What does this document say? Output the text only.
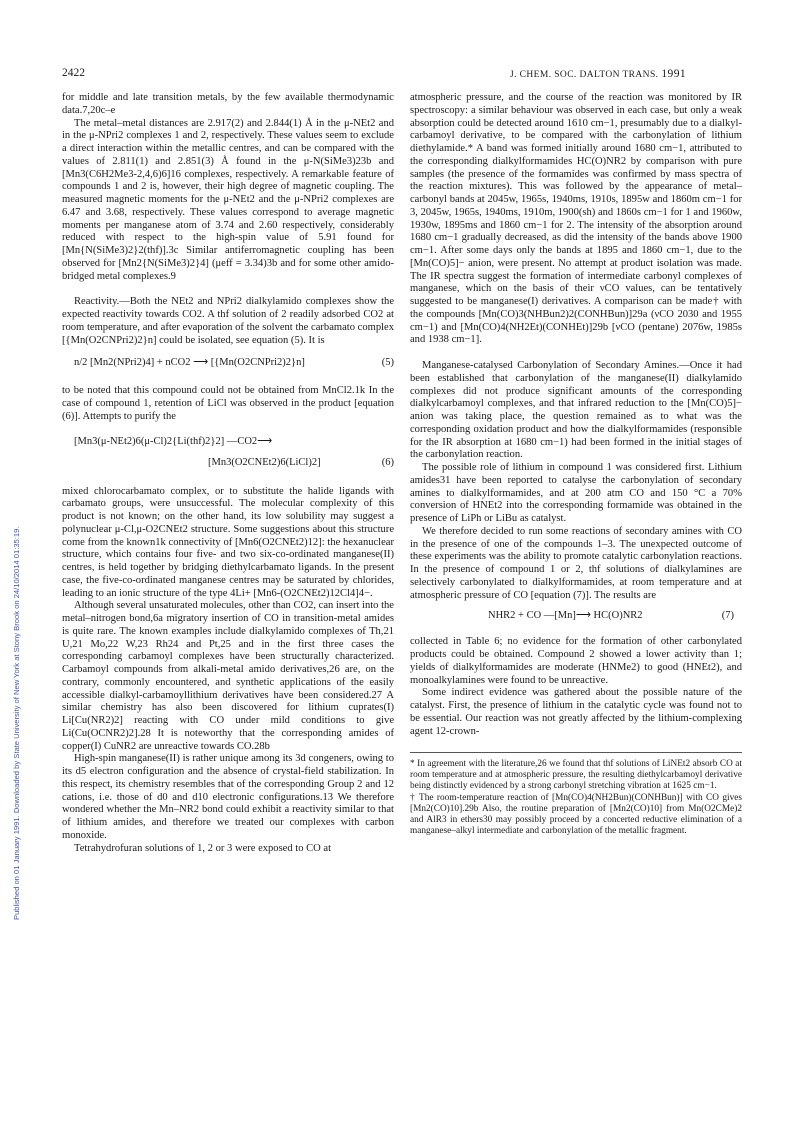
Published on 01 January 1991. Downloaded by State University of New York at Stony Brook on 24/10/2014 01:35:19.
2422	J. CHEM. SOC. DALTON TRANS. 1991

for middle and late transition metals, by the few available thermodynamic data.7,20c–e

The metal–metal distances are 2.917(2) and 2.844(1) Å in the μ-NEt2 and in the μ-NPri2 complexes 1 and 2, respectively. These values seem to exclude a direct interaction within the metallic centres, and can be compared with the values of 2.811(1) and 2.851(3) Å found in the μ-N(SiMe3)23b and [Mn3(C6H2Me3-2,4,6)6]16 complexes, respectively. A remarkable feature of compounds 1 and 2 is, however, their high degree of magnetic coupling. The measured magnetic moments for the μ-NEt2 and the μ-NPri2 complexes are 6.47 and 3.68, respectively. These values correspond to average magnetic moments per manganese atom of 3.74 and 2.60 respectively, considerably reduced with respect to the high-spin value of 5.91 found for [Mn{N(SiMe3)2}2(thf)].3c Similar antiferromagnetic coupling has been observed for [Mn2{N(SiMe3)2}4] (μeff = 3.34)3b and for some other amido-bridged metal complexes.9

Reactivity.—Both the NEt2 and NPri2 dialkylamido complexes show the expected reactivity towards CO2. A thf solution of 2 readily adsorbed CO2 at room temperature, and after evaporation of the solvent the carbamato complex [{Mn(O2CNPri2)2}n] could be isolated, see equation (5). It is

n/2 [Mn2(NPri2)4] + nCO2 ⟶ [{Mn(O2CNPri2)2}n]	(5)

to be noted that this compound could not be obtained from MnCl2.1k In the case of compound 1, retention of LiCl was observed in the product [equation (6)]. Attempts to purify the

[Mn3(μ-NEt2)6(μ-Cl)2{Li(thf)2}2] —CO2⟶
[Mn3(O2CNEt2)6(LiCl)2]	(6)

mixed chlorocarbamato complex, or to substitute the halide ligands with carbamato groups, were unsuccessful. The molecular complexity of this product is not known; on the other hand, its low solubility may suggest a polynuclear μ-Cl,μ-O2CNEt2 structure. Some suggestions about this structure come from the known1k connectivity of [Mn6(O2CNEt2)12]: the hexanuclear structure, which contains four five- and two six-co-ordinated manganese(II) centres, is held together by bridging diethylcarbamato ligands. In the present case, the five-co-ordinated manganese centres may be saturated by chlorides, leading to an ionic structure of the type 4Li+ [Mn6-(O2CNEt2)12Cl4]4−.

Although several unsaturated molecules, other than CO2, can insert into the metal–nitrogen bond,6a migratory insertion of CO in transition-metal amides is quite rare. The known examples include dialkylamido complexes of Th,21 U,21 Mo,22 W,23 Rh24 and Pt,25 and in the first three cases the corresponding carbamoyl complexes have been structurally characterized. Carbamoyl compounds from alkali-metal amido derivatives,26 are, on the contrary, commonly encountered, and synthetic applications of the easily accessible dialkyl-carbamoyllithium derivatives have been considered.27 A similar chemistry has also been discovered for lithium cuprates(I) Li[Cu(NR2)2] reacting with CO under mild conditions to give Li(Cu(OCNR2)2].28 It is noteworthy that the corresponding amides of copper(I) CuNR2 are unreactive towards CO.28b

High-spin manganese(II) is rather unique among its 3d congeners, owing to its d5 electron configuration and the absence of crystal-field stabilization. In this respect, its chemistry resembles that of the corresponding Group 2 and 12 cations, i.e. those of d0 and d10 electronic configurations.13 We therefore wondered whether the Mn–NR2 bond could exhibit a reactivity similar to that of lithium amides, and therefore we treated our complexes with carbon monoxide.

Tetrahydrofuran solutions of 1, 2 or 3 were exposed to CO at

atmospheric pressure, and the course of the reaction was monitored by IR spectroscopy: a similar behaviour was observed in each case, but only a weak absorption could be detected around 1610 cm−1, presumably due to a dialkyl-carbamoyl derivative, to be compared with the carbonylation of lithium diethylamide.* A band was formed initially around 1680 cm−1, attributed to the corresponding dialkylformamides HC(O)NR2 by comparison with pure samples (the presence of the formamides was confirmed by mass spectra of the reaction mixtures). This was followed by the appearance of metal–carbonyl bands at 2045w, 1965s, 1940ms, 1910s, 1895w and 1860m cm−1 for 3, 2045w, 1965s, 1940ms, 1910m, 1900(sh) and 1860s cm−1 for 1 and 1960w, 1930w, 1895ms and 1860 cm−1 for 2. The intensity of the absorption around 1680 cm−1 gradually decreased, as did the intensity of the bands above 1900 cm−1. After some days only the bands at 1895 and 1860 cm−1, due to the [Mn(CO)5]− anion, were present. No attempt at product isolation was made. The IR spectra suggest the formation of intermediate carbonyl complexes of manganese, which on the basis of their νCO values, can be tentatively suggested to be manganese(I) derivatives. A comparison can be made† with the compounds [Mn(CO)3(NHBun2)2(CONHBun)]29a (νCO 2030 and 1955 cm−1) and [Mn(CO)4(NH2Et)(CONHEt)]29b [νCO (pentane) 2076w, 1985s and 1938 cm−1].

Manganese-catalysed Carbonylation of Secondary Amines.—Once it had been established that carbonylation of the manganese(II) dialkylamido complexes did not produce significant amounts of the corresponding dialkylcarbamoyl complexes, and that infrared reduction to the [Mn(CO)5]− anion was taking place, the question remained as to what was the corresponding oxidation product and how the dialkylformamides (responsible for the IR absorption at 1680 cm−1) had been formed in the initial stages of the carbonylation reaction.

The possible role of lithium in compound 1 was considered first. Lithium amides31 have been reported to catalyse the carbonylation of secondary amines to dialkylformamides, and at 200 atm CO and 150 °C a 70% conversion of HNEt2 into the corresponding formamide was obtained in the presence of LiPh or LiBu as catalyst.

We therefore decided to run some reactions of secondary amines with CO in the presence of one of the compounds 1–3. The unexpected outcome of these experiments was the ability to promote catalytic carbonylation reactions. In the presence of compound 1 or 2, thf solutions of dialkylamines are selectively carbonylated to dialkylformamides, at room temperature and at atmospheric pressure of CO [equation (7)]. The results are

NHR2 + CO —[Mn]⟶ HC(O)NR2	(7)

collected in Table 6; no evidence for the formation of other carbonylated products could be obtained. Compound 2 showed a lower activity than 1; yields of dialkylformamides are moderate (HNMe2) to good (HNEt2), and monoalkylamines were found to be unreactive.

Some indirect evidence was gathered about the possible nature of the catalyst. First, the presence of lithium in the catalytic cycle was found not to be essential. Our reaction was not greatly affected by the lithium-complexing agent 12-crown-

* In agreement with the literature,26 we found that thf solutions of LiNEt2 absorb CO at room temperature and at atmospheric pressure, the resulting diethylcarbamoyl derivative being distinctly evidenced by a strong carbonyl stretching vibration at 1625 cm−1.

† The room-temperature reaction of [Mn(CO)4(NH2Bun)(CONHBun)] with CO gives [Mn2(CO)10].29b Also, the routine preparation of [Mn2(CO)10] from Mn(O2CMe)2 and AlR3 in ethers30 may possibly proceed by a concerted reductive elimination of a manganese–alkyl intermediate and carbonylation of the metallic fragment.
